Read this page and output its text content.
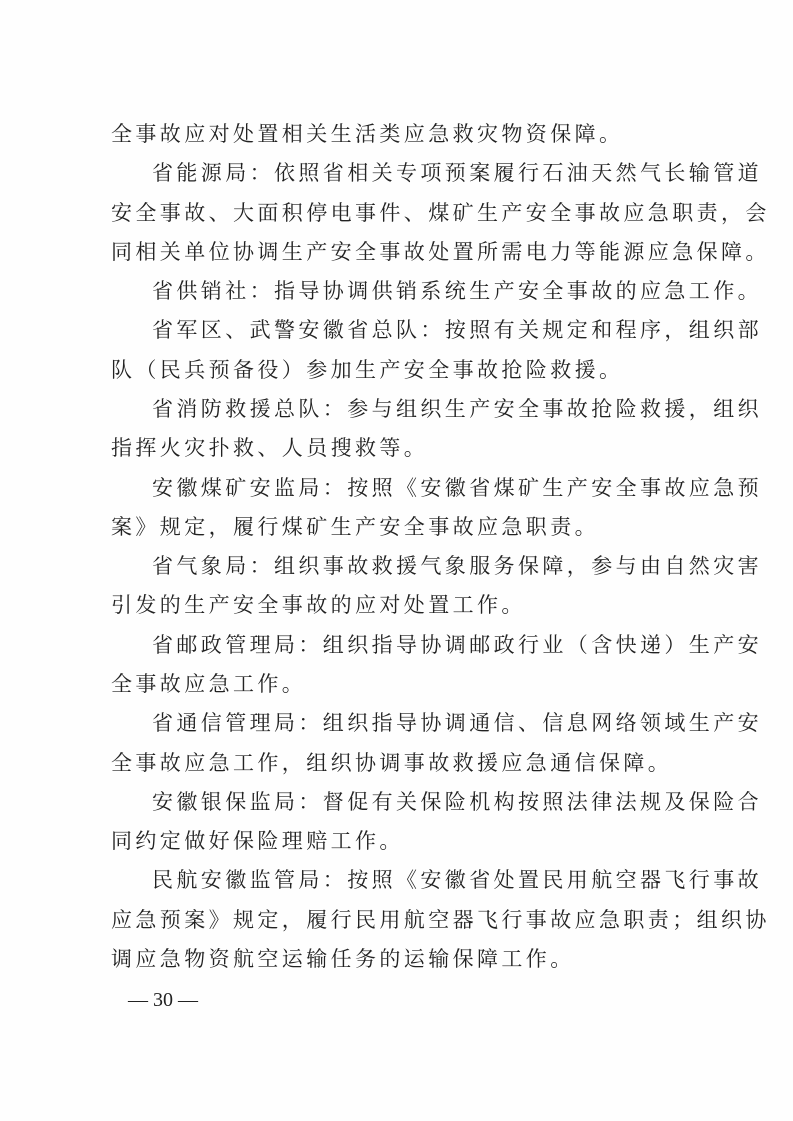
全事故应对处置相关生活类应急救灾物资保障。
省能源局：依照省相关专项预案履行石油天然气长输管道
安全事故、大面积停电事件、煤矿生产安全事故应急职责，会
同相关单位协调生产安全事故处置所需电力等能源应急保障。
省供销社：指导协调供销系统生产安全事故的应急工作。
省军区、武警安徽省总队：按照有关规定和程序，组织部
队（民兵预备役）参加生产安全事故抢险救援。
省消防救援总队：参与组织生产安全事故抢险救援，组织
指挥火灾扑救、人员搜救等。
安徽煤矿安监局：按照《安徽省煤矿生产安全事故应急预
案》规定，履行煤矿生产安全事故应急职责。
省气象局：组织事故救援气象服务保障，参与由自然灾害
引发的生产安全事故的应对处置工作。
省邮政管理局：组织指导协调邮政行业（含快递）生产安
全事故应急工作。
省通信管理局：组织指导协调通信、信息网络领域生产安
全事故应急工作，组织协调事故救援应急通信保障。
安徽银保监局：督促有关保险机构按照法律法规及保险合
同约定做好保险理赔工作。
民航安徽监管局：按照《安徽省处置民用航空器飞行事故
应急预案》规定，履行民用航空器飞行事故应急职责；组织协
调应急物资航空运输任务的运输保障工作。
— 30 —
